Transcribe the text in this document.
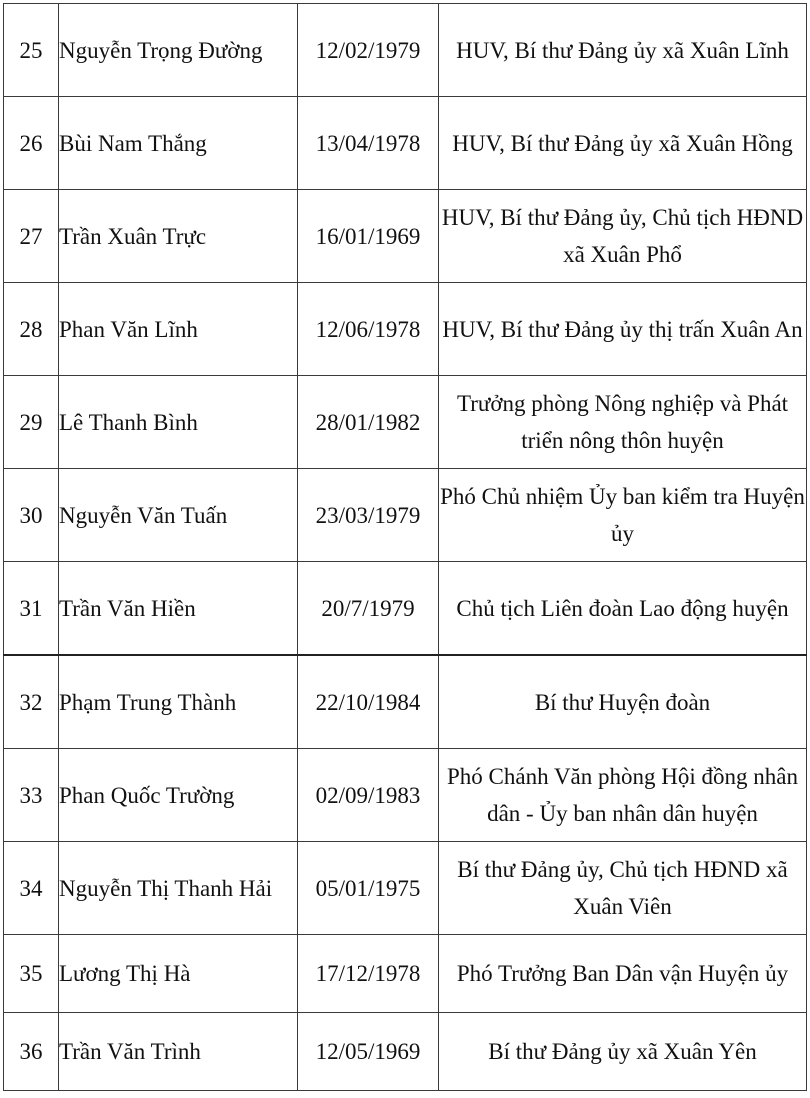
25	Nguyễn Trọng Đường	12/02/1979	HUV, Bí thư Đảng ủy xã Xuân Lĩnh
26	Bùi Nam Thắng	13/04/1978	HUV, Bí thư Đảng ủy xã Xuân Hồng
27	Trần Xuân Trực	16/01/1969	HUV, Bí thư Đảng ủy, Chủ tịch HĐND xã Xuân Phổ
28	Phan Văn Lĩnh	12/06/1978	HUV, Bí thư Đảng ủy thị trấn Xuân An
29	Lê Thanh Bình	28/01/1982	Trưởng phòng Nông nghiệp và Phát triển nông thôn huyện
30	Nguyễn Văn Tuấn	23/03/1979	Phó Chủ nhiệm Ủy ban kiểm tra Huyện ủy
31	Trần Văn Hiền	20/7/1979	Chủ tịch Liên đoàn Lao động huyện
32	Phạm Trung Thành	22/10/1984	Bí thư Huyện đoàn
33	Phan Quốc Trường	02/09/1983	Phó Chánh Văn phòng Hội đồng nhân dân - Ủy ban nhân dân huyện
34	Nguyễn Thị Thanh Hải	05/01/1975	Bí thư Đảng ủy, Chủ tịch HĐND xã Xuân Viên
35	Lương Thị Hà	17/12/1978	Phó Trưởng Ban Dân vận Huyện ủy
36	Trần Văn Trình	12/05/1969	Bí thư Đảng ủy xã Xuân Yên
